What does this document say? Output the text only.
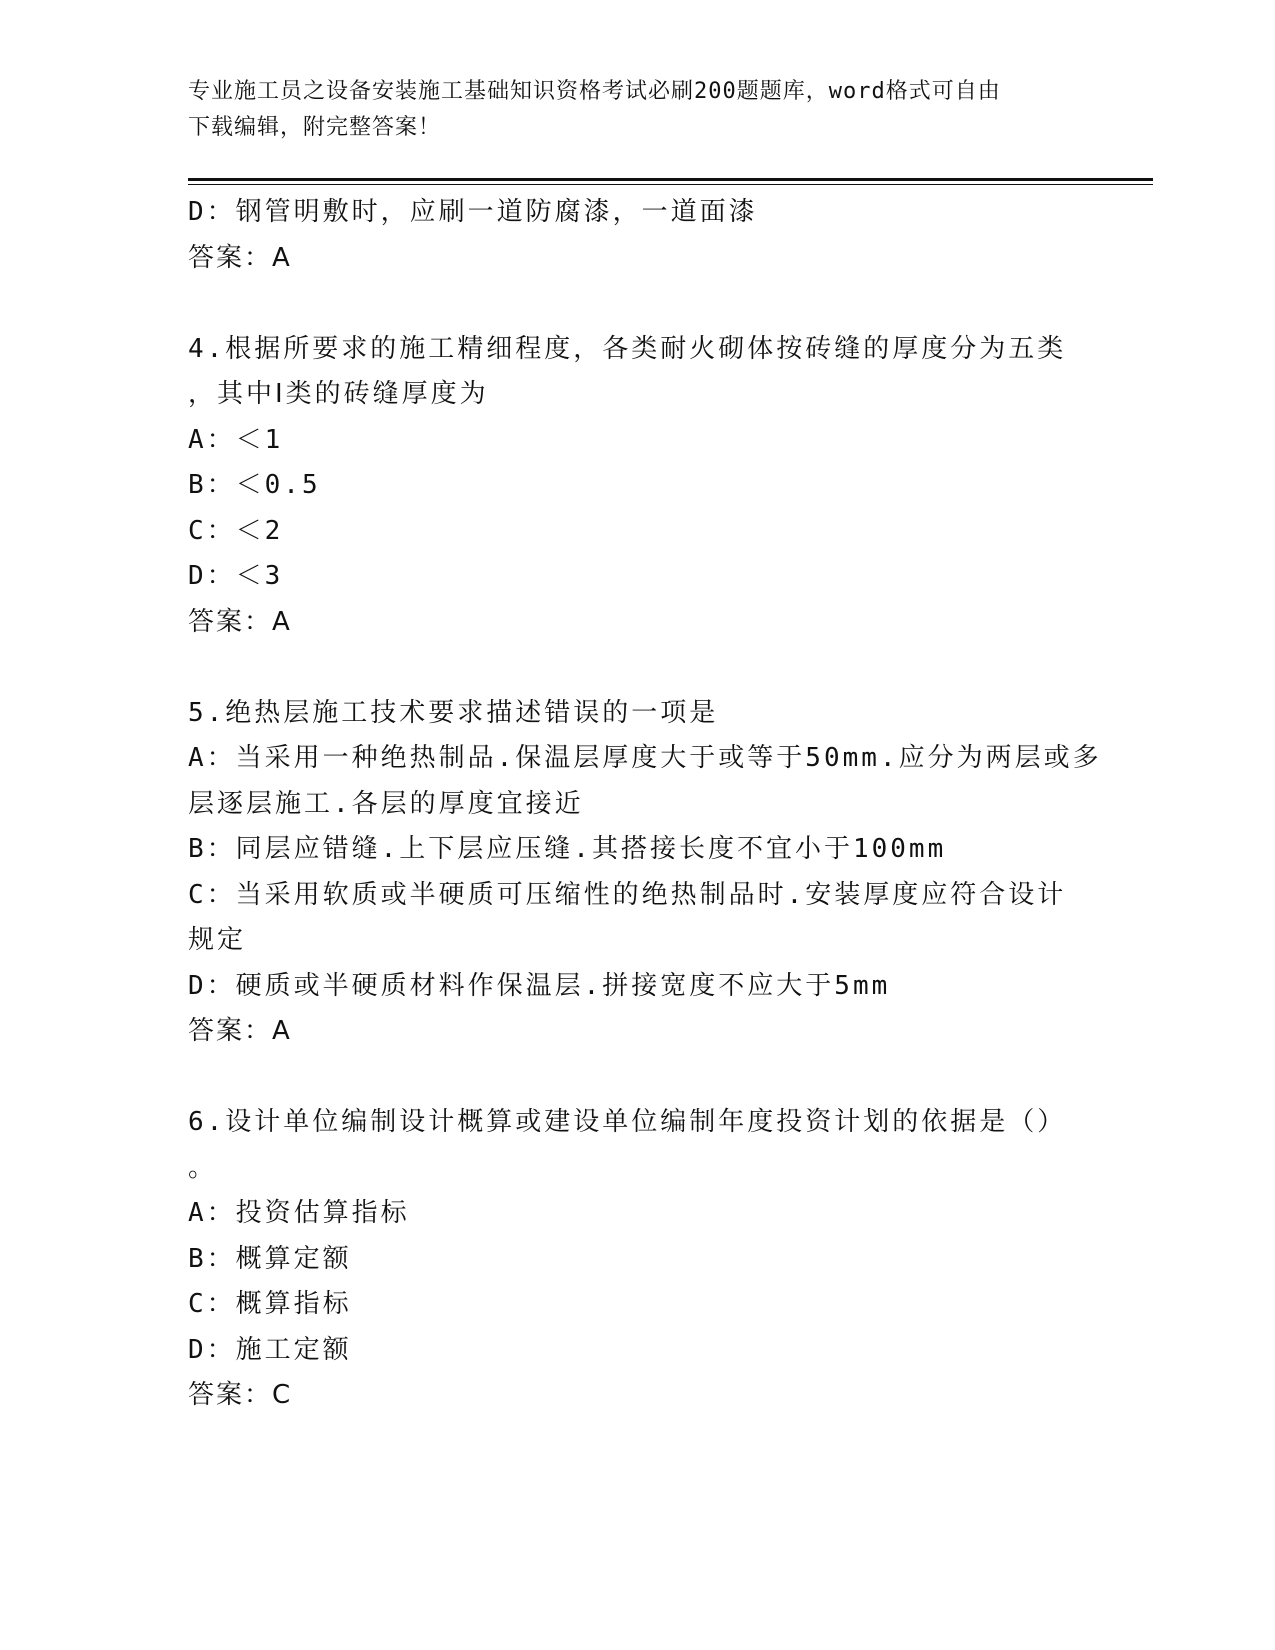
专业施工员之设备安装施工基础知识资格考试必刷200题题库，word格式可自由
下载编辑，附完整答案！
D：钢管明敷时，应刷一道防腐漆，一道面漆
答案：A
4.根据所要求的施工精细程度，各类耐火砌体按砖缝的厚度分为五类
，其中Ⅰ类的砖缝厚度为
A：＜1
B：＜0.5
C：＜2
D：＜3
答案：A
5.绝热层施工技术要求描述错误的一项是
A：当采用一种绝热制品.保温层厚度大于或等于50mm.应分为两层或多
层逐层施工.各层的厚度宜接近
B：同层应错缝.上下层应压缝.其搭接长度不宜小于100mm
C：当采用软质或半硬质可压缩性的绝热制品时.安装厚度应符合设计
规定
D：硬质或半硬质材料作保温层.拼接宽度不应大于5mm
答案：A
6.设计单位编制设计概算或建设单位编制年度投资计划的依据是（）
。
A：投资估算指标
B：概算定额
C：概算指标
D：施工定额
答案：C
